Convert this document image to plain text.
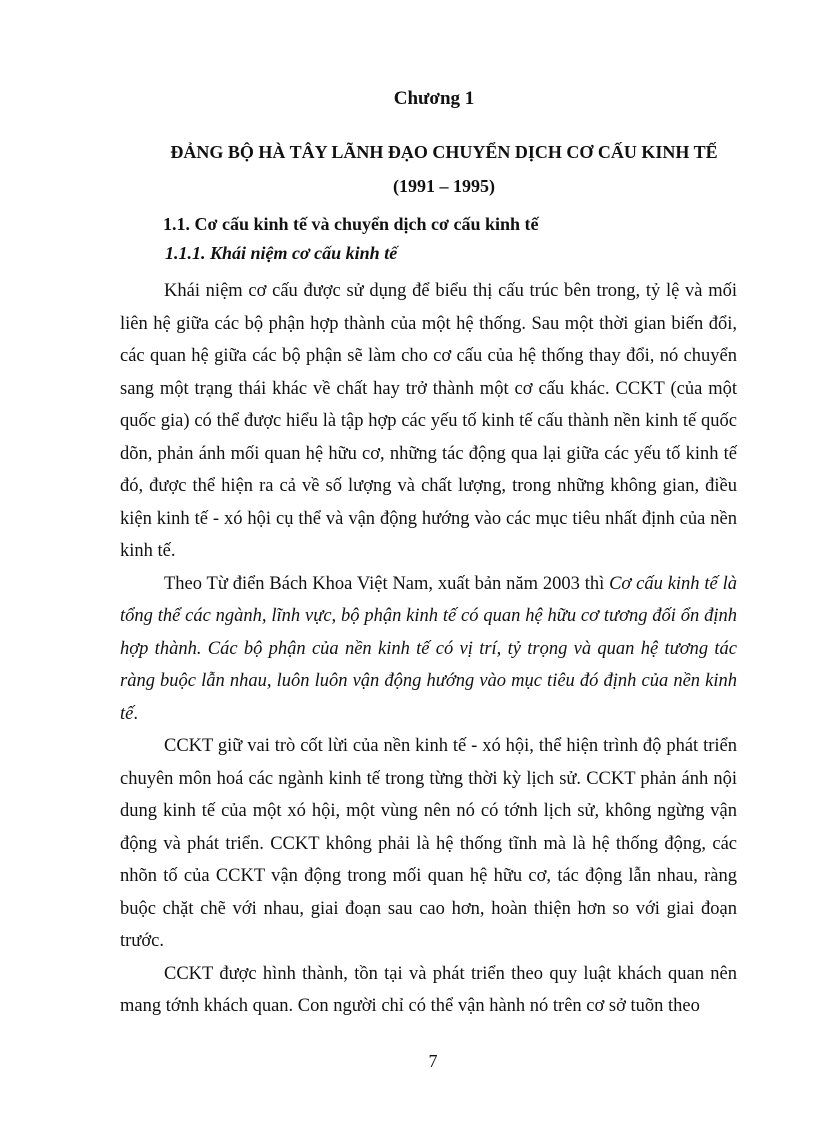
Chương 1
ĐẢNG BỘ HÀ TÂY LÃNH ĐẠO CHUYỂN DỊCH CƠ CẤU KINH TẾ
(1991 – 1995)
1.1. Cơ cấu kinh tế và chuyển dịch cơ cấu kinh tế
1.1.1. Khái niệm cơ cấu kinh tế

Khái niệm cơ cấu được sử dụng để biểu thị cấu trúc bên trong, tỷ lệ và mối liên hệ giữa các bộ phận hợp thành của một hệ thống. Sau một thời gian biến đổi, các quan hệ giữa các bộ phận sẽ làm cho cơ cấu của hệ thống thay đổi, nó chuyển sang một trạng thái khác về chất hay trở thành một cơ cấu khác. CCKT (của một quốc gia) có thể được hiểu là tập hợp các yếu tố kinh tế cấu thành nền kinh tế quốc dõn, phản ánh mối quan hệ hữu cơ, những tác động qua lại giữa các yếu tố kinh tế đó, được thể hiện ra cả về số lượng và chất lượng, trong những không gian, điều kiện kinh tế - xó hội cụ thể và vận động hướng vào các mục tiêu nhất định của nền kinh tế.

Theo Từ điển Bách Khoa Việt Nam, xuất bản năm 2003 thì Cơ cấu kinh tế là tổng thể các ngành, lĩnh vực, bộ phận kinh tế có quan hệ hữu cơ tương đối ổn định hợp thành. Các bộ phận của nền kinh tế có vị trí, tỷ trọng và quan hệ tương tác ràng buộc lẫn nhau, luôn luôn vận động hướng vào mục tiêu đó định của nền kinh tế.

CCKT giữ vai trò cốt lừi của nền kinh tế - xó hội, thể hiện trình độ phát triển chuyên môn hoá các ngành kinh tế trong từng thời kỳ lịch sử. CCKT phản ánh nội dung kinh tế của một xó hội, một vùng nên nó có tớnh lịch sử, không ngừng vận động và phát triển. CCKT không phải là hệ thống tĩnh mà là hệ thống động, các nhõn tố của CCKT vận động trong mối quan hệ hữu cơ, tác động lẫn nhau, ràng buộc chặt chẽ với nhau, giai đoạn sau cao hơn, hoàn thiện hơn so với giai đoạn trước.

CCKT được hình thành, tồn tại và phát triển theo quy luật khách quan nên mang tớnh khách quan. Con người chỉ có thể vận hành nó trên cơ sở tuõn theo

7
